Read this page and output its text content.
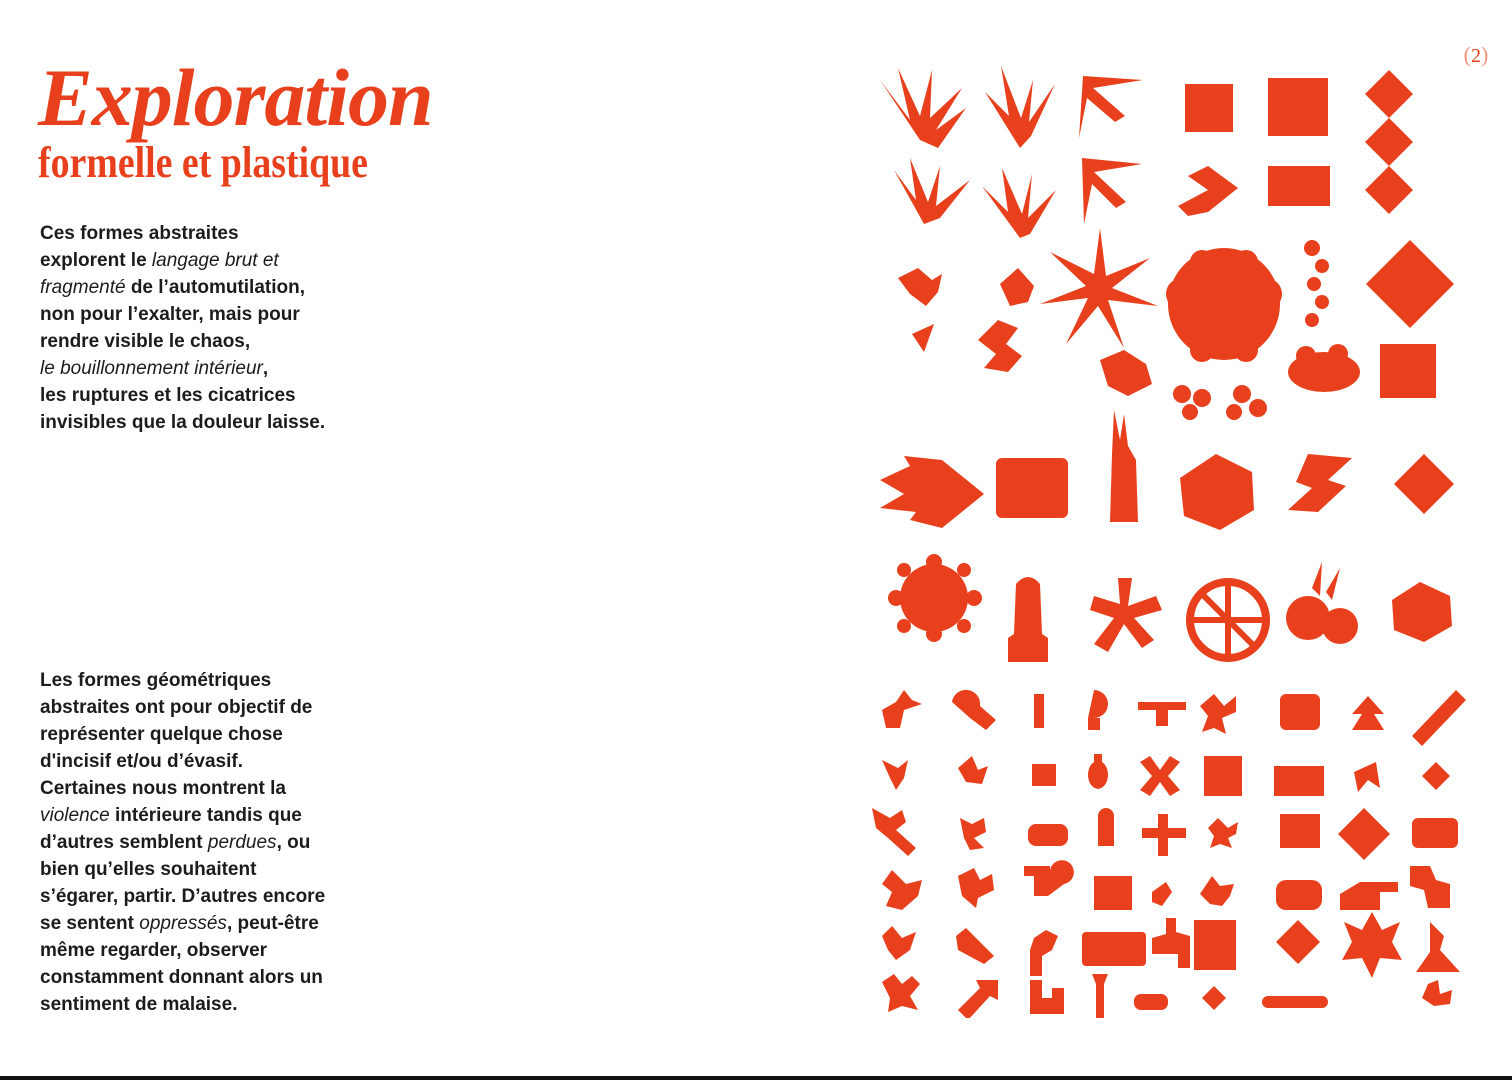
(2)
Exploration
formelle et plastique

Ces formes abstraites
explorent le langage brut et
fragmenté de l’automutilation,
non pour l’exalter, mais pour
rendre visible le chaos,
le bouillonnement intérieur,
les ruptures et les cicatrices
invisibles que la douleur laisse.

Les formes géométriques
abstraites ont pour objectif de
représenter quelque chose
d'incisif et/ou d’évasif.
Certaines nous montrent la
violence intérieure tandis que
d’autres semblent perdues, ou
bien qu’elles souhaitent
s’égarer, partir. D’autres encore
se sentent oppressés, peut-être
même regarder, observer
constamment donnant alors un
sentiment de malaise.
